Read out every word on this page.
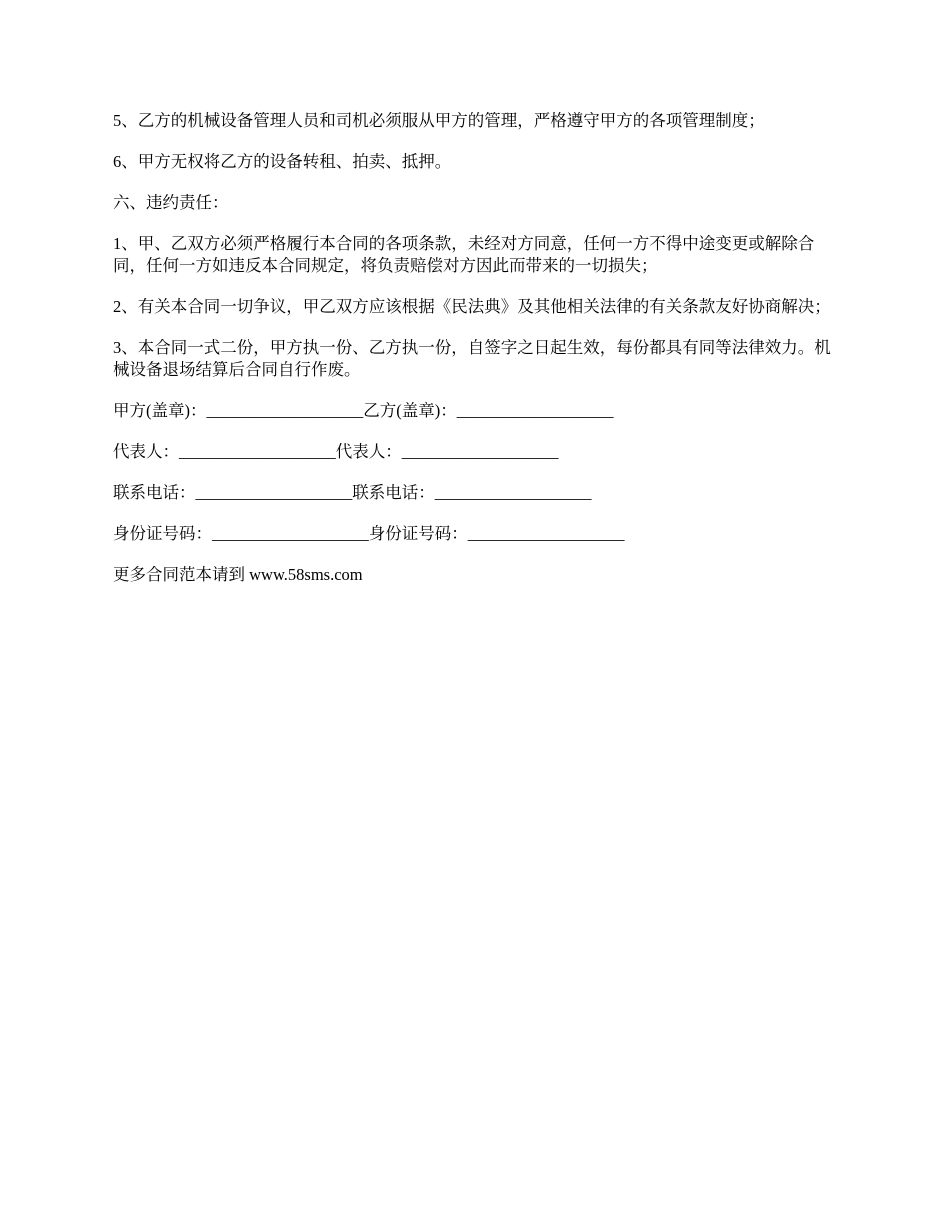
5、乙方的机械设备管理人员和司机必须服从甲方的管理，严格遵守甲方的各项管理制度；

6、甲方无权将乙方的设备转租、拍卖、抵押。

六、违约责任：

1、甲、乙双方必须严格履行本合同的各项条款，未经对方同意，任何一方不得中途变更或解除合同，任何一方如违反本合同规定，将负责赔偿对方因此而带来的一切损失；

2、有关本合同一切争议，甲乙双方应该根据《民法典》及其他相关法律的有关条款友好协商解决；

3、本合同一式二份，甲方执一份、乙方执一份，自签字之日起生效，每份都具有同等法律效力。机械设备退场结算后合同自行作废。

甲方(盖章)：___________________乙方(盖章)：___________________
代表人：___________________代表人：___________________
联系电话：___________________联系电话：___________________
身份证号码：___________________身份证号码：___________________

更多合同范本请到 www.58sms.com
